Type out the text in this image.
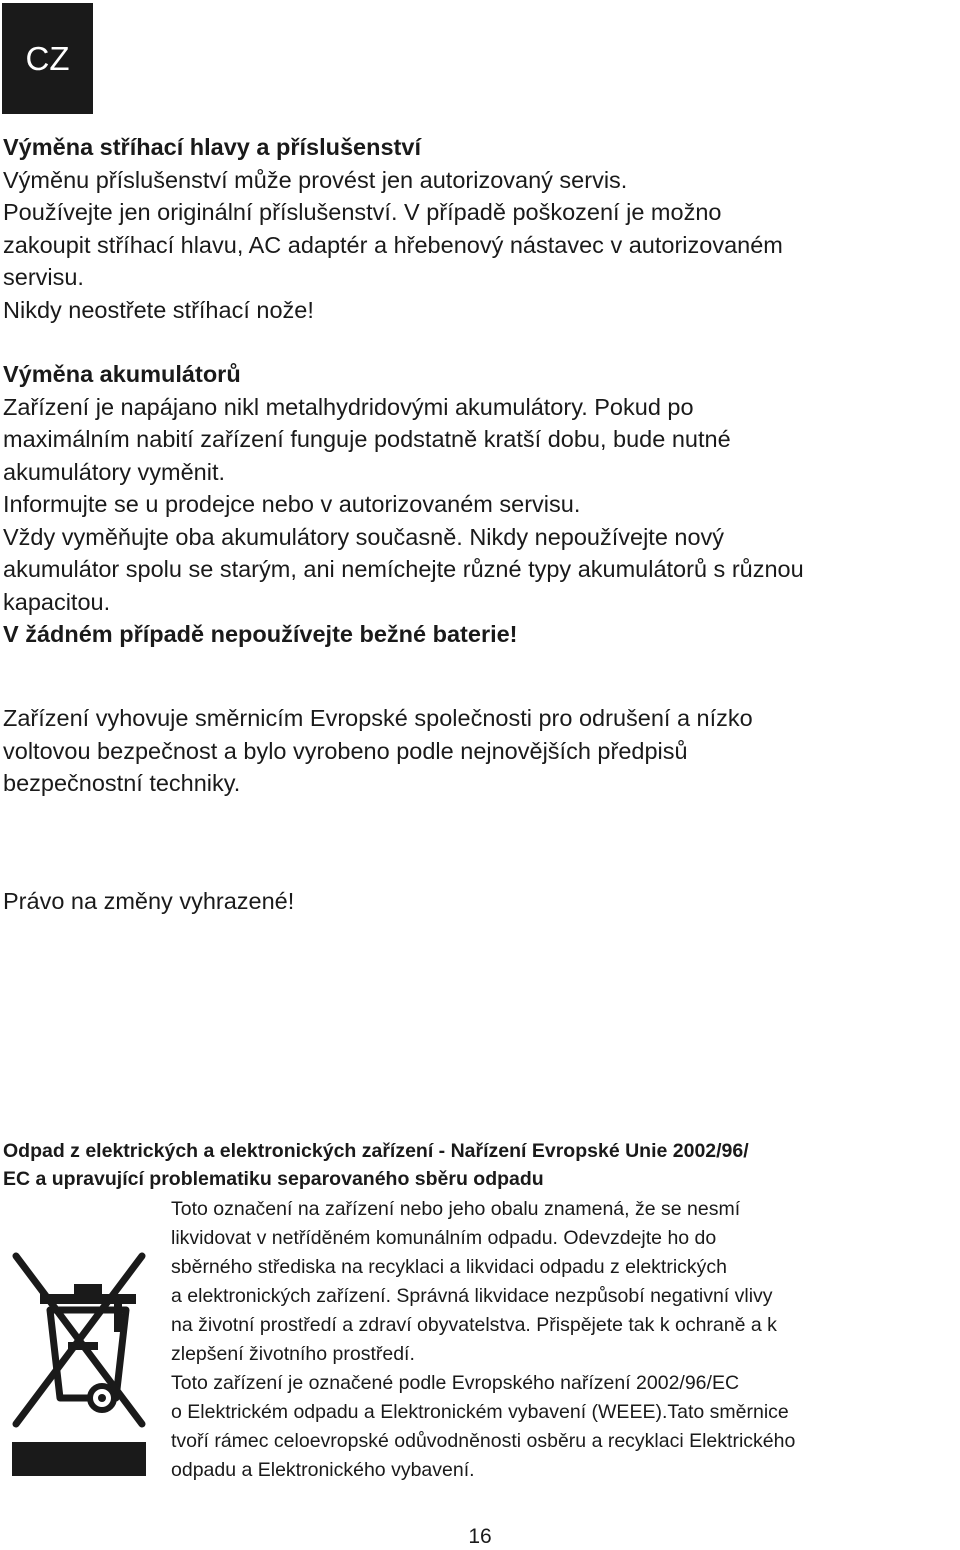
CZ

Výměna stříhací hlavy a příslušenství

Výměnu příslušenství může provést jen autorizovaný servis.

Používejte jen originální příslušenství. V případě poškození je možno

zakoupit stříhací hlavu, AC adaptér a hřebenový nástavec v autorizovaném

servisu.

Nikdy neostřete stříhací nože!

Výměna akumulátorů

Zařízení je napájano nikl metalhydridovými akumulátory. Pokud po

maximálním nabití zařízení funguje podstatně kratší dobu, bude nutné

akumulátory vyměnit.

Informujte se u prodejce nebo v autorizovaném servisu.

Vždy vyměňujte oba akumulátory současně. Nikdy nepoužívejte nový

akumulátor spolu se starým, ani nemíchejte různé typy akumulátorů s různou

kapacitou.

V žádném případě nepoužívejte bežné baterie!

Zařízení vyhovuje směrnicím Evropské společnosti pro odrušení a nízko

voltovou bezpečnost a bylo vyrobeno podle nejnovějších předpisů

bezpečnostní techniky.

Právo na změny vyhrazené!
Odpad z elektrických a elektronických zařízení - Nařízení Evropské Unie 2002/96/
EC a upravující problematiku separovaného sběru odpadu

Toto označení na zařízení nebo jeho obalu znamená, že se nesmí

likvidovat v netříděném komunálním odpadu. Odevzdejte ho do

sběrného střediska na recyklaci a likvidaci odpadu z elektrických

a elektronických zařízení. Správná likvidace nezpůsobí negativní vlivy

na životní prostředí a zdraví obyvatelstva. Přispějete tak k ochraně a k

zlepšení životního prostředí.

Toto zařízení je označené podle Evropského nařízení 2002/96/EC

o Elektrickém odpadu a Elektronickém vybavení (WEEE).Tato směrnice

tvoří rámec celoevropské odůvodněnosti osběru a recyklaci Elektrického

odpadu a Elektronického vybavení.

16
